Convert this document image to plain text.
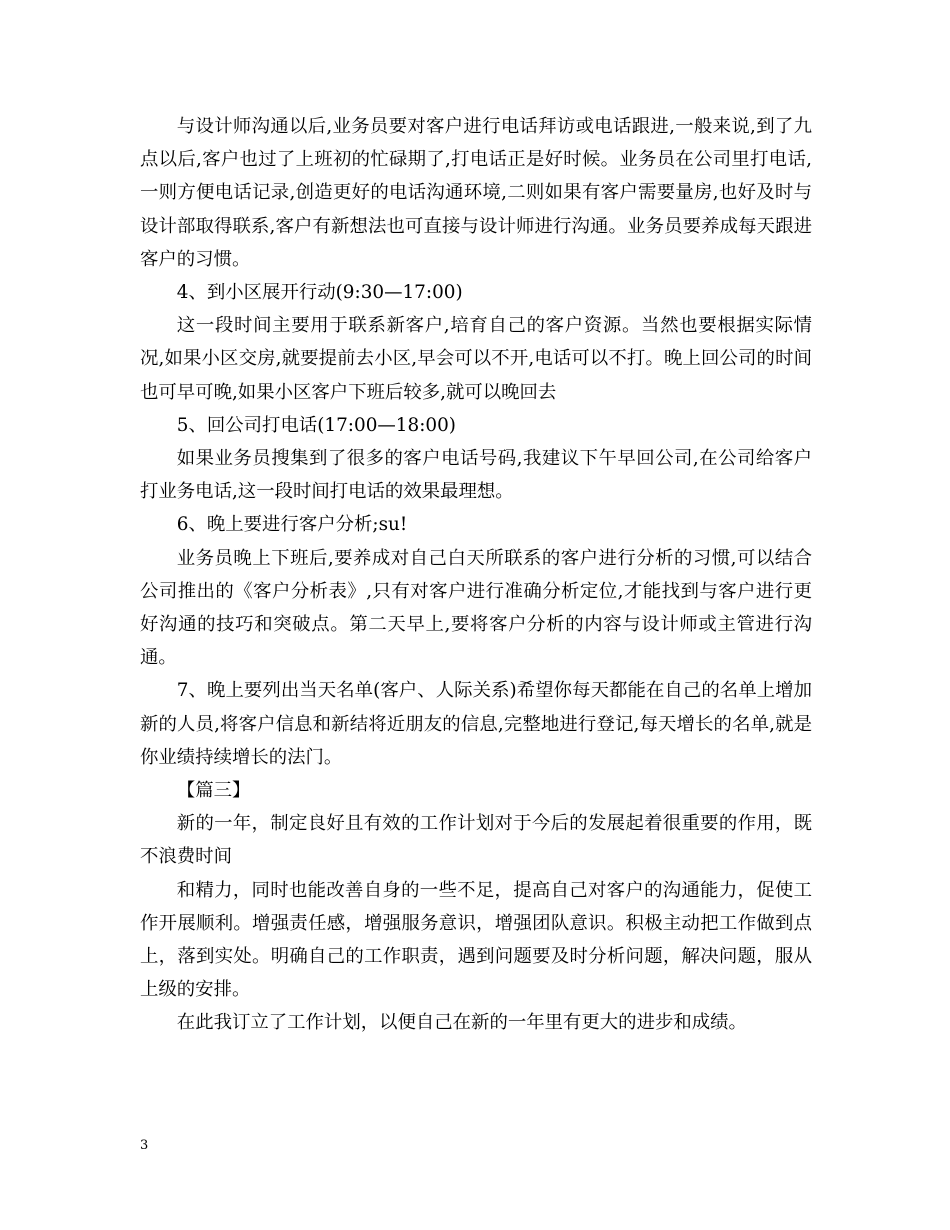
与设计师沟通以后,业务员要对客户进行电话拜访或电话跟进,一般来说,到了九点以后,客户也过了上班初的忙碌期了,打电话正是好时候。业务员在公司里打电话,一则方便电话记录,创造更好的电话沟通环境,二则如果有客户需要量房,也好及时与设计部取得联系,客户有新想法也可直接与设计师进行沟通。业务员要养成每天跟进客户的习惯。

4、到小区展开行动(9:30—17:00)

这一段时间主要用于联系新客户,培育自己的客户资源。当然也要根据实际情况,如果小区交房,就要提前去小区,早会可以不开,电话可以不打。晚上回公司的时间也可早可晚,如果小区客户下班后较多,就可以晚回去

5、回公司打电话(17:00—18:00)

如果业务员搜集到了很多的客户电话号码,我建议下午早回公司,在公司给客户打业务电话,这一段时间打电话的效果最理想。

6、晚上要进行客户分析;su!

业务员晚上下班后,要养成对自己白天所联系的客户进行分析的习惯,可以结合公司推出的《客户分析表》,只有对客户进行准确分析定位,才能找到与客户进行更好沟通的技巧和突破点。第二天早上,要将客户分析的内容与设计师或主管进行沟通。

7、晚上要列出当天名单(客户、人际关系)希望你每天都能在自己的名单上增加新的人员,将客户信息和新结将近朋友的信息,完整地进行登记,每天增长的名单,就是你业绩持续增长的法门。

【篇三】

新的一年，制定良好且有效的工作计划对于今后的发展起着很重要的作用，既不浪费时间

和精力，同时也能改善自身的一些不足，提高自己对客户的沟通能力，促使工作开展顺利。增强责任感，增强服务意识，增强团队意识。积极主动把工作做到点上，落到实处。明确自己的工作职责，遇到问题要及时分析问题，解决问题，服从上级的安排。

在此我订立了工作计划，以便自己在新的一年里有更大的进步和成绩。

3
